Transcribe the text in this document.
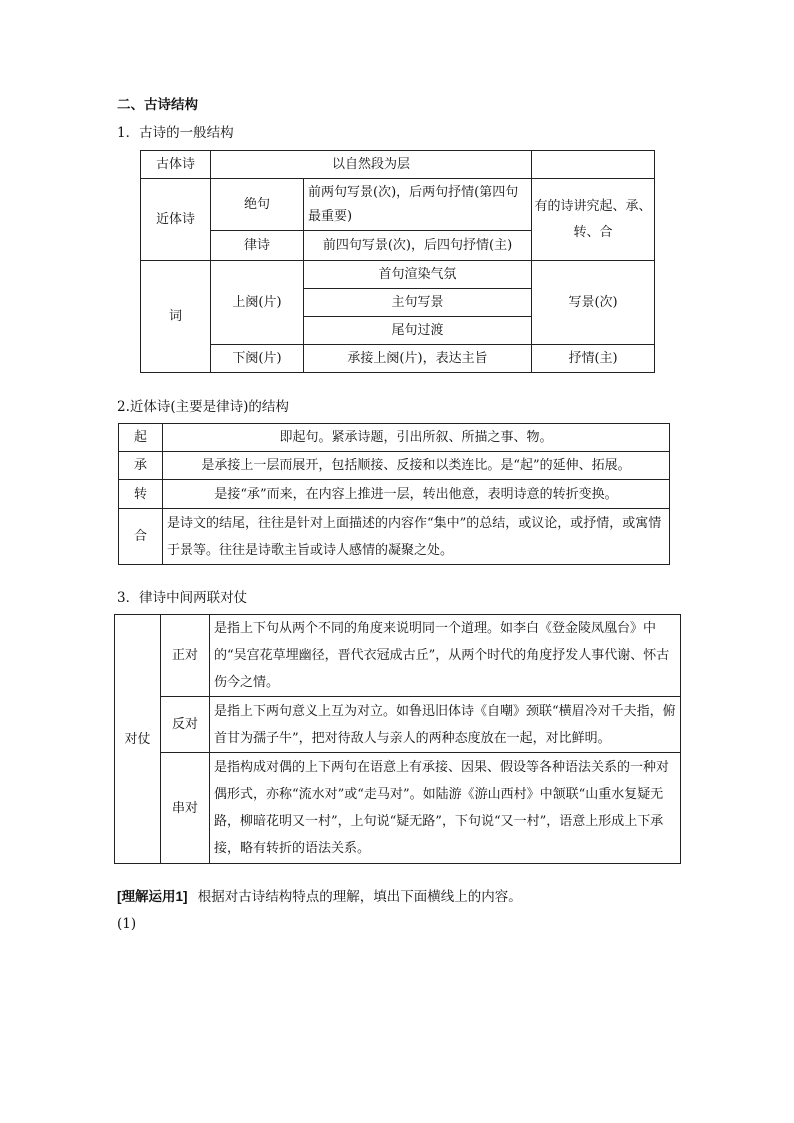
二、古诗结构
1．古诗的一般结构
古体诗	以自然段为层		
近体诗	绝句	前两句写景(次)，后两句抒情(第四句最重要)	有的诗讲究起、承、转、合
	律诗	前四句写景(次)，后四句抒情(主)	
词	上阕(片)	首句渲染气氛	写景(次)
		主句写景	
		尾句过渡	
	下阕(片)	承接上阕(片)，表达主旨	抒情(主)
2.近体诗(主要是律诗)的结构
起	即起句。紧承诗题，引出所叙、所描之事、物。
承	是承接上一层而展开，包括顺接、反接和以类连比。是“起”的延伸、拓展。
转	是接“承”而来，在内容上推进一层，转出他意，表明诗意的转折变换。
合	是诗文的结尾，往往是针对上面描述的内容作“集中”的总结，或议论，或抒情，或寓情于景等。往往是诗歌主旨或诗人感情的凝聚之处。
3．律诗中间两联对仗
对仗	正对	是指上下句从两个不同的角度来说明同一个道理。如李白《登金陵凤凰台》中的“吴宫花草埋幽径，晋代衣冠成古丘”，从两个时代的角度抒发人事代谢、怀古伤今之情。
	反对	是指上下两句意义上互为对立。如鲁迅旧体诗《自嘲》颈联“横眉冷对千夫指，俯首甘为孺子牛”，把对待敌人与亲人的两种态度放在一起，对比鲜明。
	串对	是指构成对偶的上下两句在语意上有承接、因果、假设等各种语法关系的一种对偶形式，亦称“流水对”或“走马对”。如陆游《游山西村》中颔联“山重水复疑无路，柳暗花明又一村”，上句说“疑无路”，下句说“又一村”，语意上形成上下承接，略有转折的语法关系。
[理解运用1] 根据对古诗结构特点的理解，填出下面横线上的内容。
(1)
